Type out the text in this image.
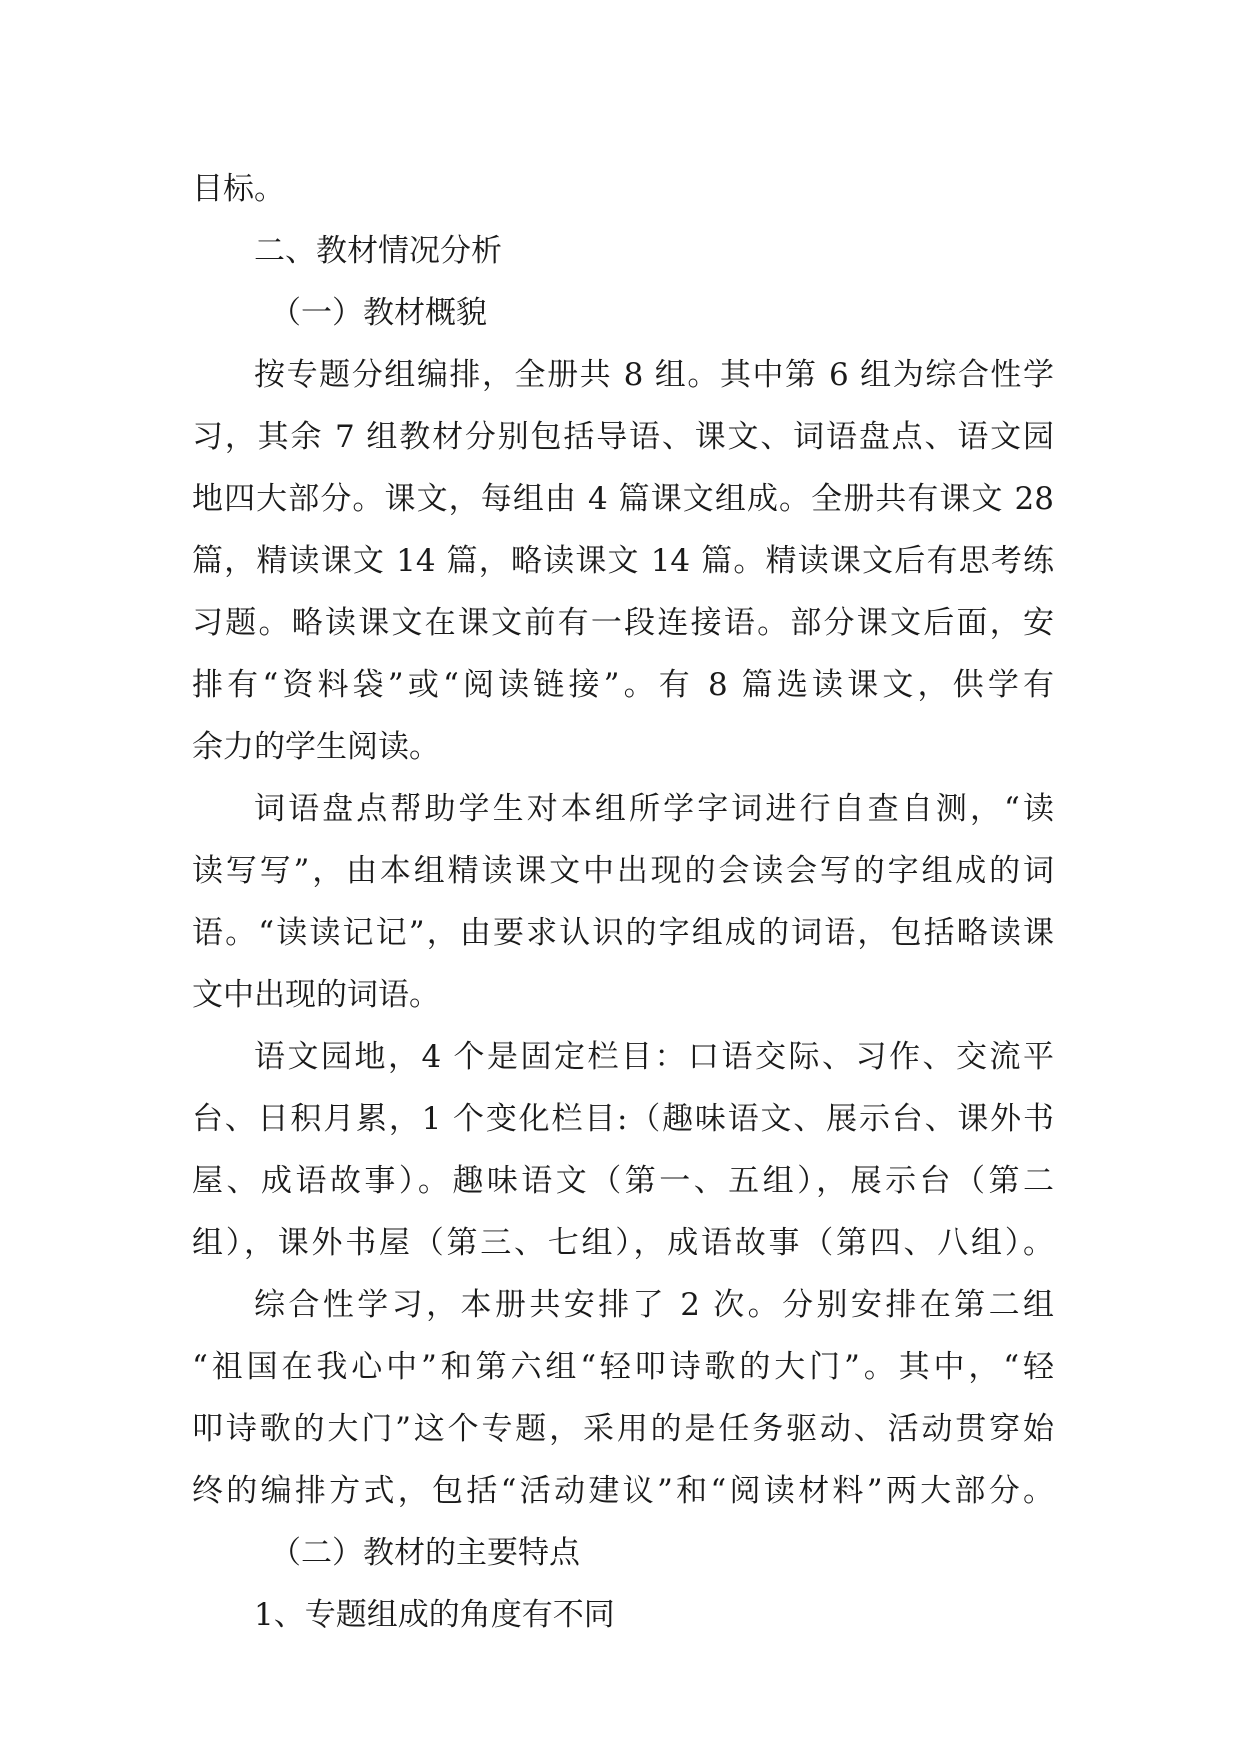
目标。
二、教材情况分析
（一）教材概貌
按专题分组编排，全册共 8 组。其中第 6 组为综合性学
习，其余 7 组教材分别包括导语、课文、词语盘点、语文园
地四大部分。课文，每组由 4 篇课文组成。全册共有课文 28
篇，精读课文 14 篇，略读课文 14 篇。精读课文后有思考练
习题。略读课文在课文前有一段连接语。部分课文后面，安
排有“资料袋”或“阅读链接”。有 8 篇选读课文，供学有
余力的学生阅读。
词语盘点帮助学生对本组所学字词进行自查自测，“读
读写写”，由本组精读课文中出现的会读会写的字组成的词
语。“读读记记”，由要求认识的字组成的词语，包括略读课
文中出现的词语。
语文园地，4 个是固定栏目：口语交际、习作、交流平
台、日积月累，1 个变化栏目:（趣味语文、展示台、课外书
屋、成语故事）。趣味语文（第一、五组），展示台（第二
组），课外书屋（第三、七组），成语故事（第四、八组）。
综合性学习，本册共安排了 2 次。分别安排在第二组
“祖国在我心中”和第六组“轻叩诗歌的大门”。其中，“轻
叩诗歌的大门”这个专题，采用的是任务驱动、活动贯穿始
终的编排方式，包括“活动建议”和“阅读材料”两大部分。
（二）教材的主要特点
1、专题组成的角度有不同
